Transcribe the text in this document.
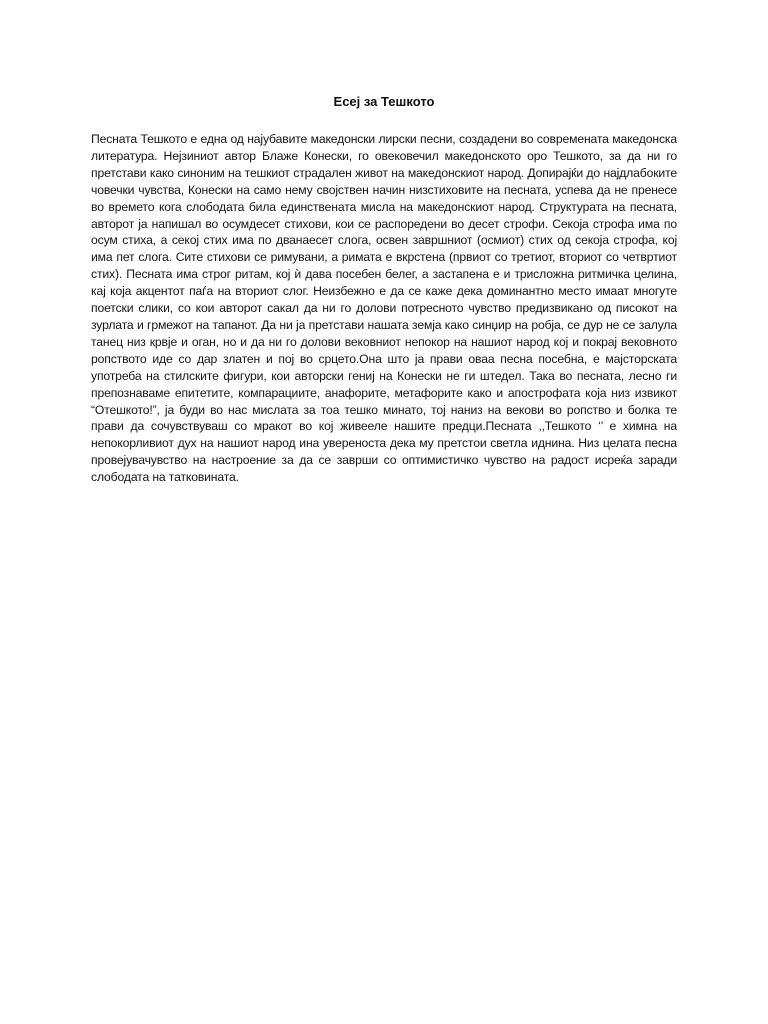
Есеј за Тешкото

Песната Тешкото е една од најубавите македонски лирски песни, создадени во современата македонска литература. Нејзиниот автор Блаже Конески, го овековечил македонското оро Тешкото, за да ни го претстави како синоним на тешкиот страдален живот на македонскиот народ. Допирајќи до најдлабоките човечки чувства, Конески на само нему својствен начин низстиховите на песната, успева да не пренесе во времето кога слободата била единствената мисла на македонскиот народ. Структурата на песната, авторот ја напишал во осумдесет стихови, кои се распоредени во десет строфи. Секоја строфа има по осум стиха, а секој стих има по дванаесет слога, освен завршниот (осмиот) стих од секоја строфа, кој има пет слога. Сите стихови се римувани, а римата е вкрстена (првиот со третиот, вториот со четвртиот стих). Песната има строг ритам, кој ѝ дава посебен белег, а застапена е и трисложна ритмичка целина, кај која акцентот паѓа на вториот слог. Неизбежно е да се каже дека доминантно место имаат многуте поетски слики, со кои авторот сакал да ни го долови потресното чувство предизвикано од писокот на зурлата и грмежот на тапанот. Да ни ја претстави нашата земја како синџир на робја, се дур не се залула танец низ крвје и оган, но и да ни го долови вековниот непокор на нашиот народ кој и покрај вековното ропството иде со дар златен и пој во срцето.Она што ја прави оваа песна посебна, е мајсторската употреба на стилските фигури, кои авторски гениј на Конески не ги штедел. Така во песната, лесно ги препознаваме епитетите, компарациите, анафорите, метафорите како и апострофата која низ извикот “Отешкото!”, ја буди во нас мислата за тоа тешко минато, тој наниз на векови во ропство и болка те прави да сочувствуваш со мракот во кој живееле нашите предци.Песната ,,Тешкото ‘’ е химна на непокорливиот дух на нашиот народ ина увереноста дека му претстои светла иднина. Низ целата песна провејувачувство на настроение за да се заврши со оптимистичко чувство на радост исреќа заради слободата на татковината.
